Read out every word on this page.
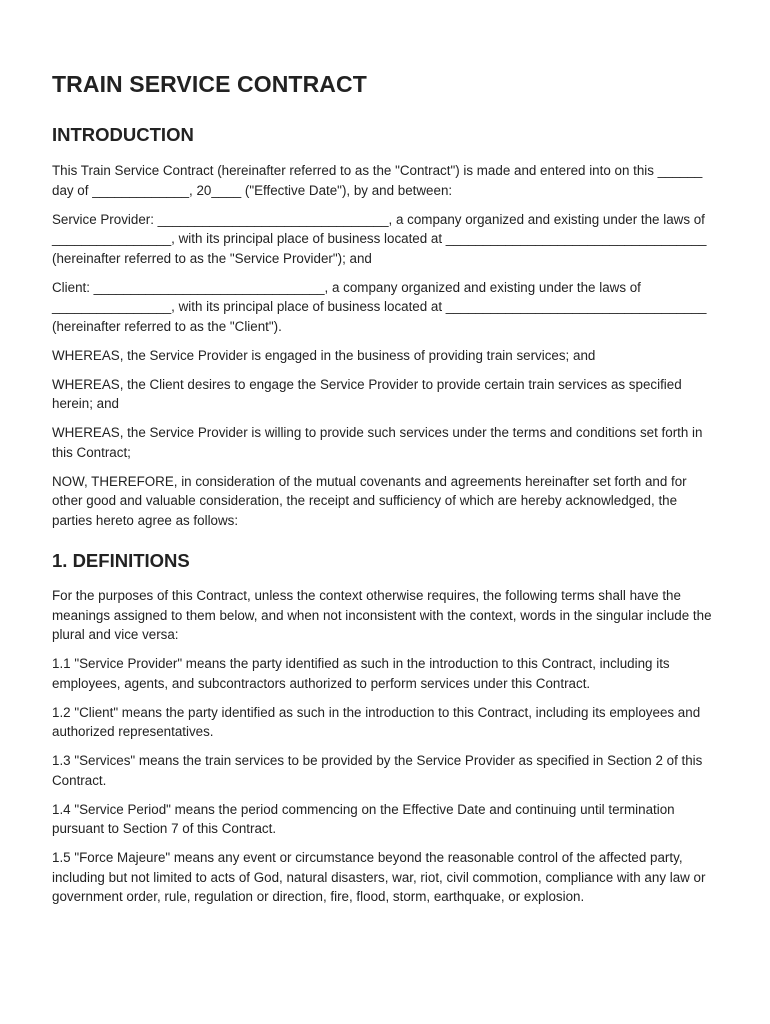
TRAIN SERVICE CONTRACT
INTRODUCTION

This Train Service Contract (hereinafter referred to as the "Contract") is made and entered into on this ______ day of _____________, 20____ ("Effective Date"), by and between:

Service Provider: _______________________________, a company organized and existing under the laws of ________________, with its principal place of business located at ___________________________________ (hereinafter referred to as the "Service Provider"); and

Client: _______________________________, a company organized and existing under the laws of ________________, with its principal place of business located at ___________________________________ (hereinafter referred to as the "Client").

WHEREAS, the Service Provider is engaged in the business of providing train services; and

WHEREAS, the Client desires to engage the Service Provider to provide certain train services as specified herein; and

WHEREAS, the Service Provider is willing to provide such services under the terms and conditions set forth in this Contract;

NOW, THEREFORE, in consideration of the mutual covenants and agreements hereinafter set forth and for other good and valuable consideration, the receipt and sufficiency of which are hereby acknowledged, the parties hereto agree as follows:

1. DEFINITIONS

For the purposes of this Contract, unless the context otherwise requires, the following terms shall have the meanings assigned to them below, and when not inconsistent with the context, words in the singular include the plural and vice versa:

1.1 "Service Provider" means the party identified as such in the introduction to this Contract, including its employees, agents, and subcontractors authorized to perform services under this Contract.

1.2 "Client" means the party identified as such in the introduction to this Contract, including its employees and authorized representatives.

1.3 "Services" means the train services to be provided by the Service Provider as specified in Section 2 of this Contract.

1.4 "Service Period" means the period commencing on the Effective Date and continuing until termination pursuant to Section 7 of this Contract.

1.5 "Force Majeure" means any event or circumstance beyond the reasonable control of the affected party, including but not limited to acts of God, natural disasters, war, riot, civil commotion, compliance with any law or government order, rule, regulation or direction, fire, flood, storm, earthquake, or explosion.
